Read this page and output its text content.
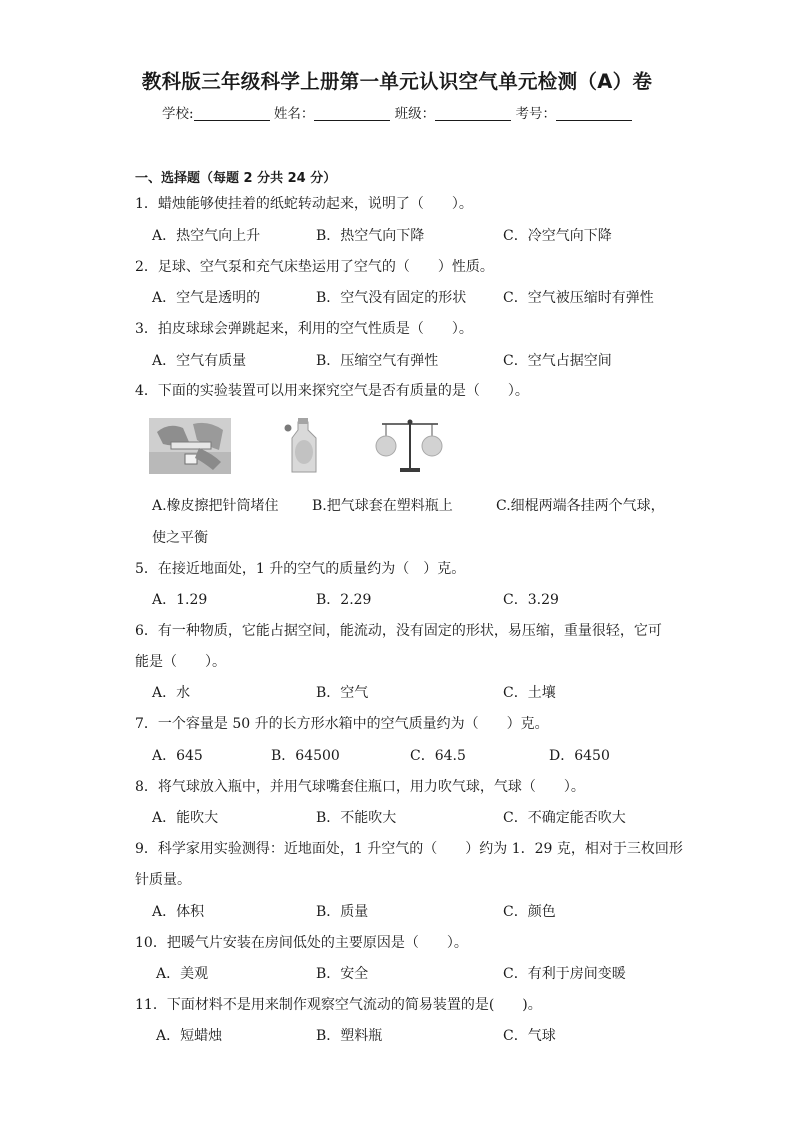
教科版三年级科学上册第一单元认识空气单元检测（A）卷
学校:	姓名：	班级：	考号：
一、选择题（每题 2 分共 24 分）
1．蜡烛能够使挂着的纸蛇转动起来，说明了（　　）。
A．热空气向上升	B．热空气向下降	C．冷空气向下降
2．足球、空气泵和充气床垫运用了空气的（　　）性质。
A．空气是透明的	B．空气没有固定的形状	C．空气被压缩时有弹性
3．拍皮球球会弹跳起来，利用的空气性质是（　　）。
A．空气有质量	B．压缩空气有弹性	C．空气占据空间
4．下面的实验装置可以用来探究空气是否有质量的是（　　）。
A.橡皮擦把针筒堵住 B.把气球套在塑料瓶上	C.细棍两端各挂两个气球，
使之平衡
5．在接近地面处，1 升的空气的质量约为（　）克。
A．1.29	B．2.29	C．3.29
6．有一种物质，它能占据空间，能流动，没有固定的形状，易压缩，重量很轻，它可
能是（　　）。
A．水	B．空气	C．土壤
7．一个容量是 50 升的长方形水箱中的空气质量约为（　　）克。
A．645	B．64500	C．64.5	D．6450
8．将气球放入瓶中，并用气球嘴套住瓶口，用力吹气球，气球（　　）。
A．能吹大	B．不能吹大	C．不确定能否吹大
9．科学家用实验测得：近地面处，1 升空气的（　　）约为 1．29 克，相对于三枚回形
针质量。
A．体积	B．质量	C．颜色
10．把暖气片安装在房间低处的主要原因是（　　）。
A．美观	B．安全	C．有利于房间变暖
11．下面材料不是用来制作观察空气流动的简易装置的是(　　)。
A．短蜡烛	B．塑料瓶	C．气球
